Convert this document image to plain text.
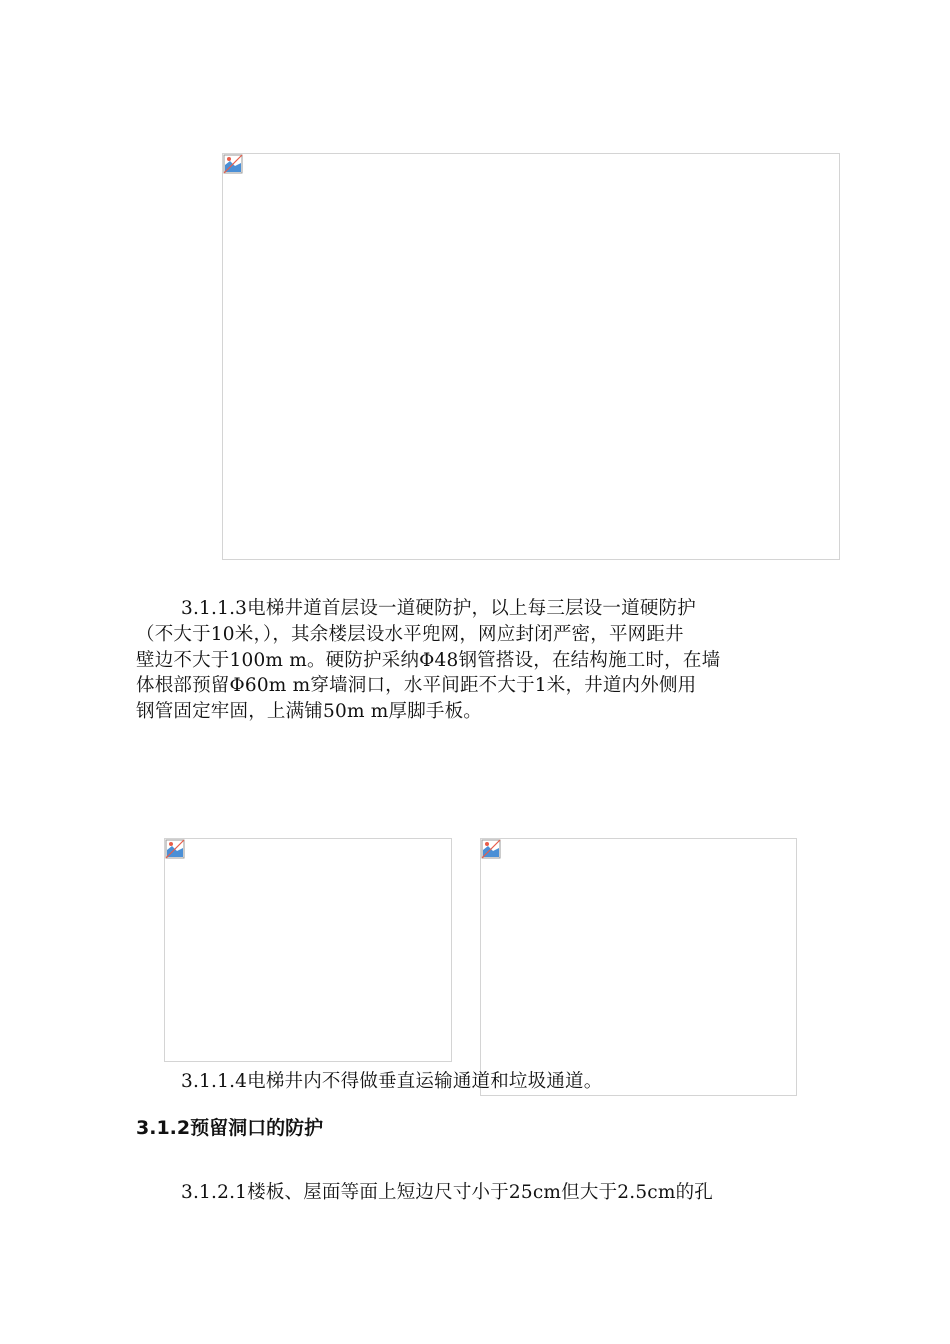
3.1.1.3电梯井道首层设一道硬防护，以上每三层设一道硬防护

（不大于10米，），其余楼层设水平兜网，网应封闭严密，平网距井

壁边不大于100m m。硬防护采纳Φ48钢管搭设，在结构施工时，在墙

体根部预留Φ60m m穿墙洞口，水平间距不大于1米，井道内外侧用

钢管固定牢固，上满铺50m m厚脚手板。

3.1.1.4电梯井内不得做垂直运输通道和垃圾通道。

3.1.2预留洞口的防护

3.1.2.1楼板、屋面等面上短边尺寸小于25cm但大于2.5cm的孔
